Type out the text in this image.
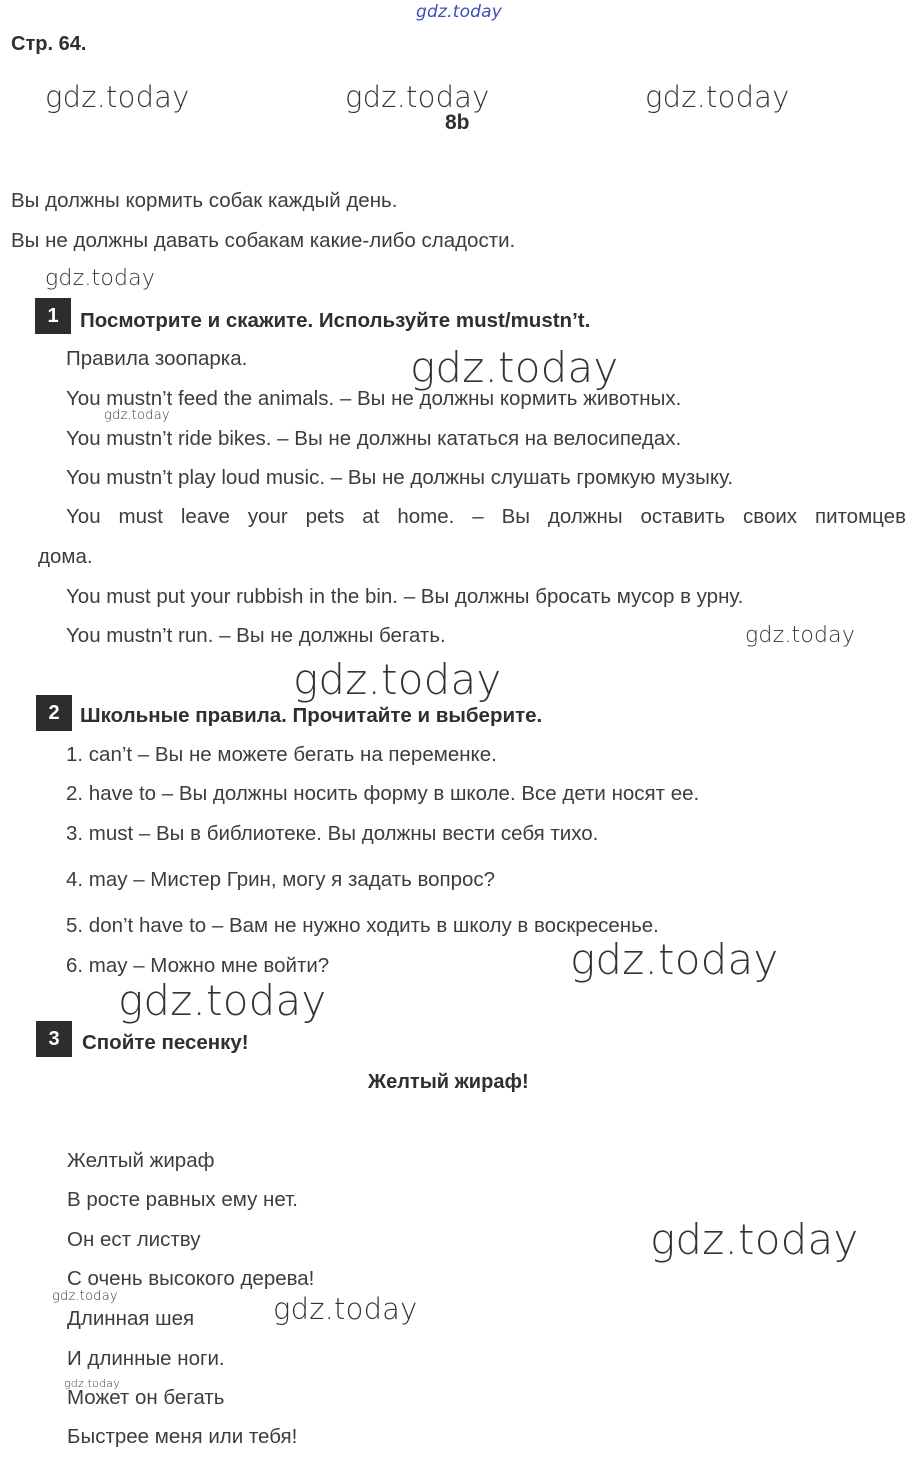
gdz.today
Стр. 64.
gdz.today	gdz.today	gdz.today
8b
Вы должны кормить собак каждый день.
Вы не должны давать собакам какие-либо сладости.
gdz.today
1	Посмотрите и скажите. Используйте must/mustn’t.
Правила зоопарка.
You mustn’t feed the animals. – Вы не должны кормить животных.
You mustn’t ride bikes. – Вы не должны кататься на велосипедах.
You mustn’t play loud music. – Вы не должны слушать громкую музыку.
You must leave your pets at home. – Вы должны оставить своих питомцев
дома.
You must put your rubbish in the bin. – Вы должны бросать мусор в урну.
You mustn’t run. – Вы не должны бегать.
gdz.today
gdz.today
gdz.today
gdz.today
2 Школьные правила. Прочитайте и выберите.
1. can’t – Вы не можете бегать на переменке.
2. have to – Вы должны носить форму в школе. Все дети носят ее.
3. must – Вы в библиотеке. Вы должны вести себя тихо.
4. may – Мистер Грин, могу я задать вопрос?
5. don’t have to – Вам не нужно ходить в школу в воскресенье.
6. may – Можно мне войти?	gdz.today
gdz.today
3	Спойте песенку!
Желтый жираф!
Желтый жираф
В росте равных ему нет.
Он ест листву
С очень высокого дерева!
Длинная шея
И длинные ноги.
Может он бегать
Быстрее меня или тебя!
gdz.today
gdz.today	gdz.today
gdz.today
